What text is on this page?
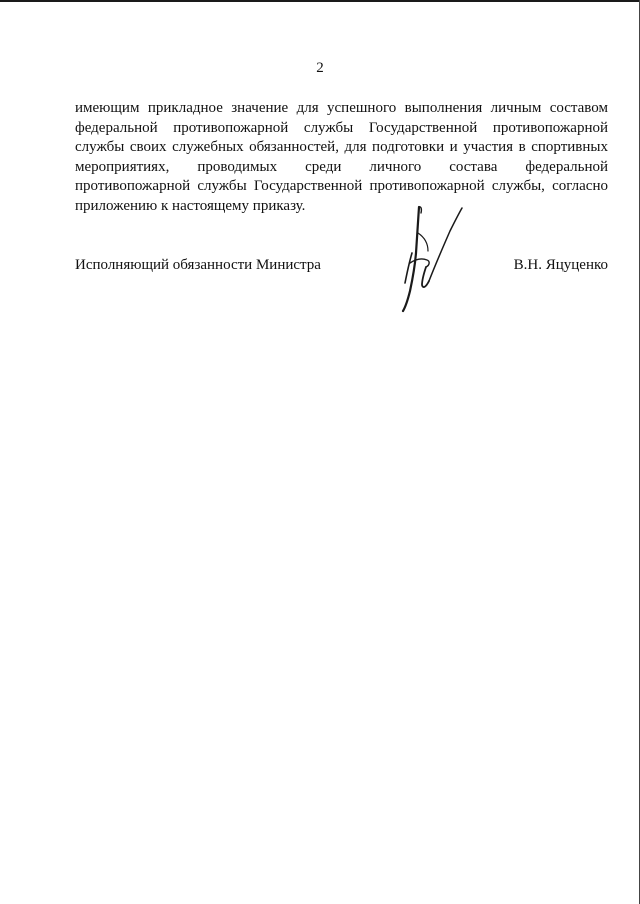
2

имеющим прикладное значение для успешного выполнения личным составом
федеральной противопожарной службы Государственной противопожарной
службы своих служебных обязанностей, для подготовки и участия в спортивных
мероприятиях, проводимых среди личного состава федеральной
противопожарной службы Государственной противопожарной службы, согласно
приложению к настоящему приказу.

Исполняющий обязанности Министра	В.Н. Яцуценко
